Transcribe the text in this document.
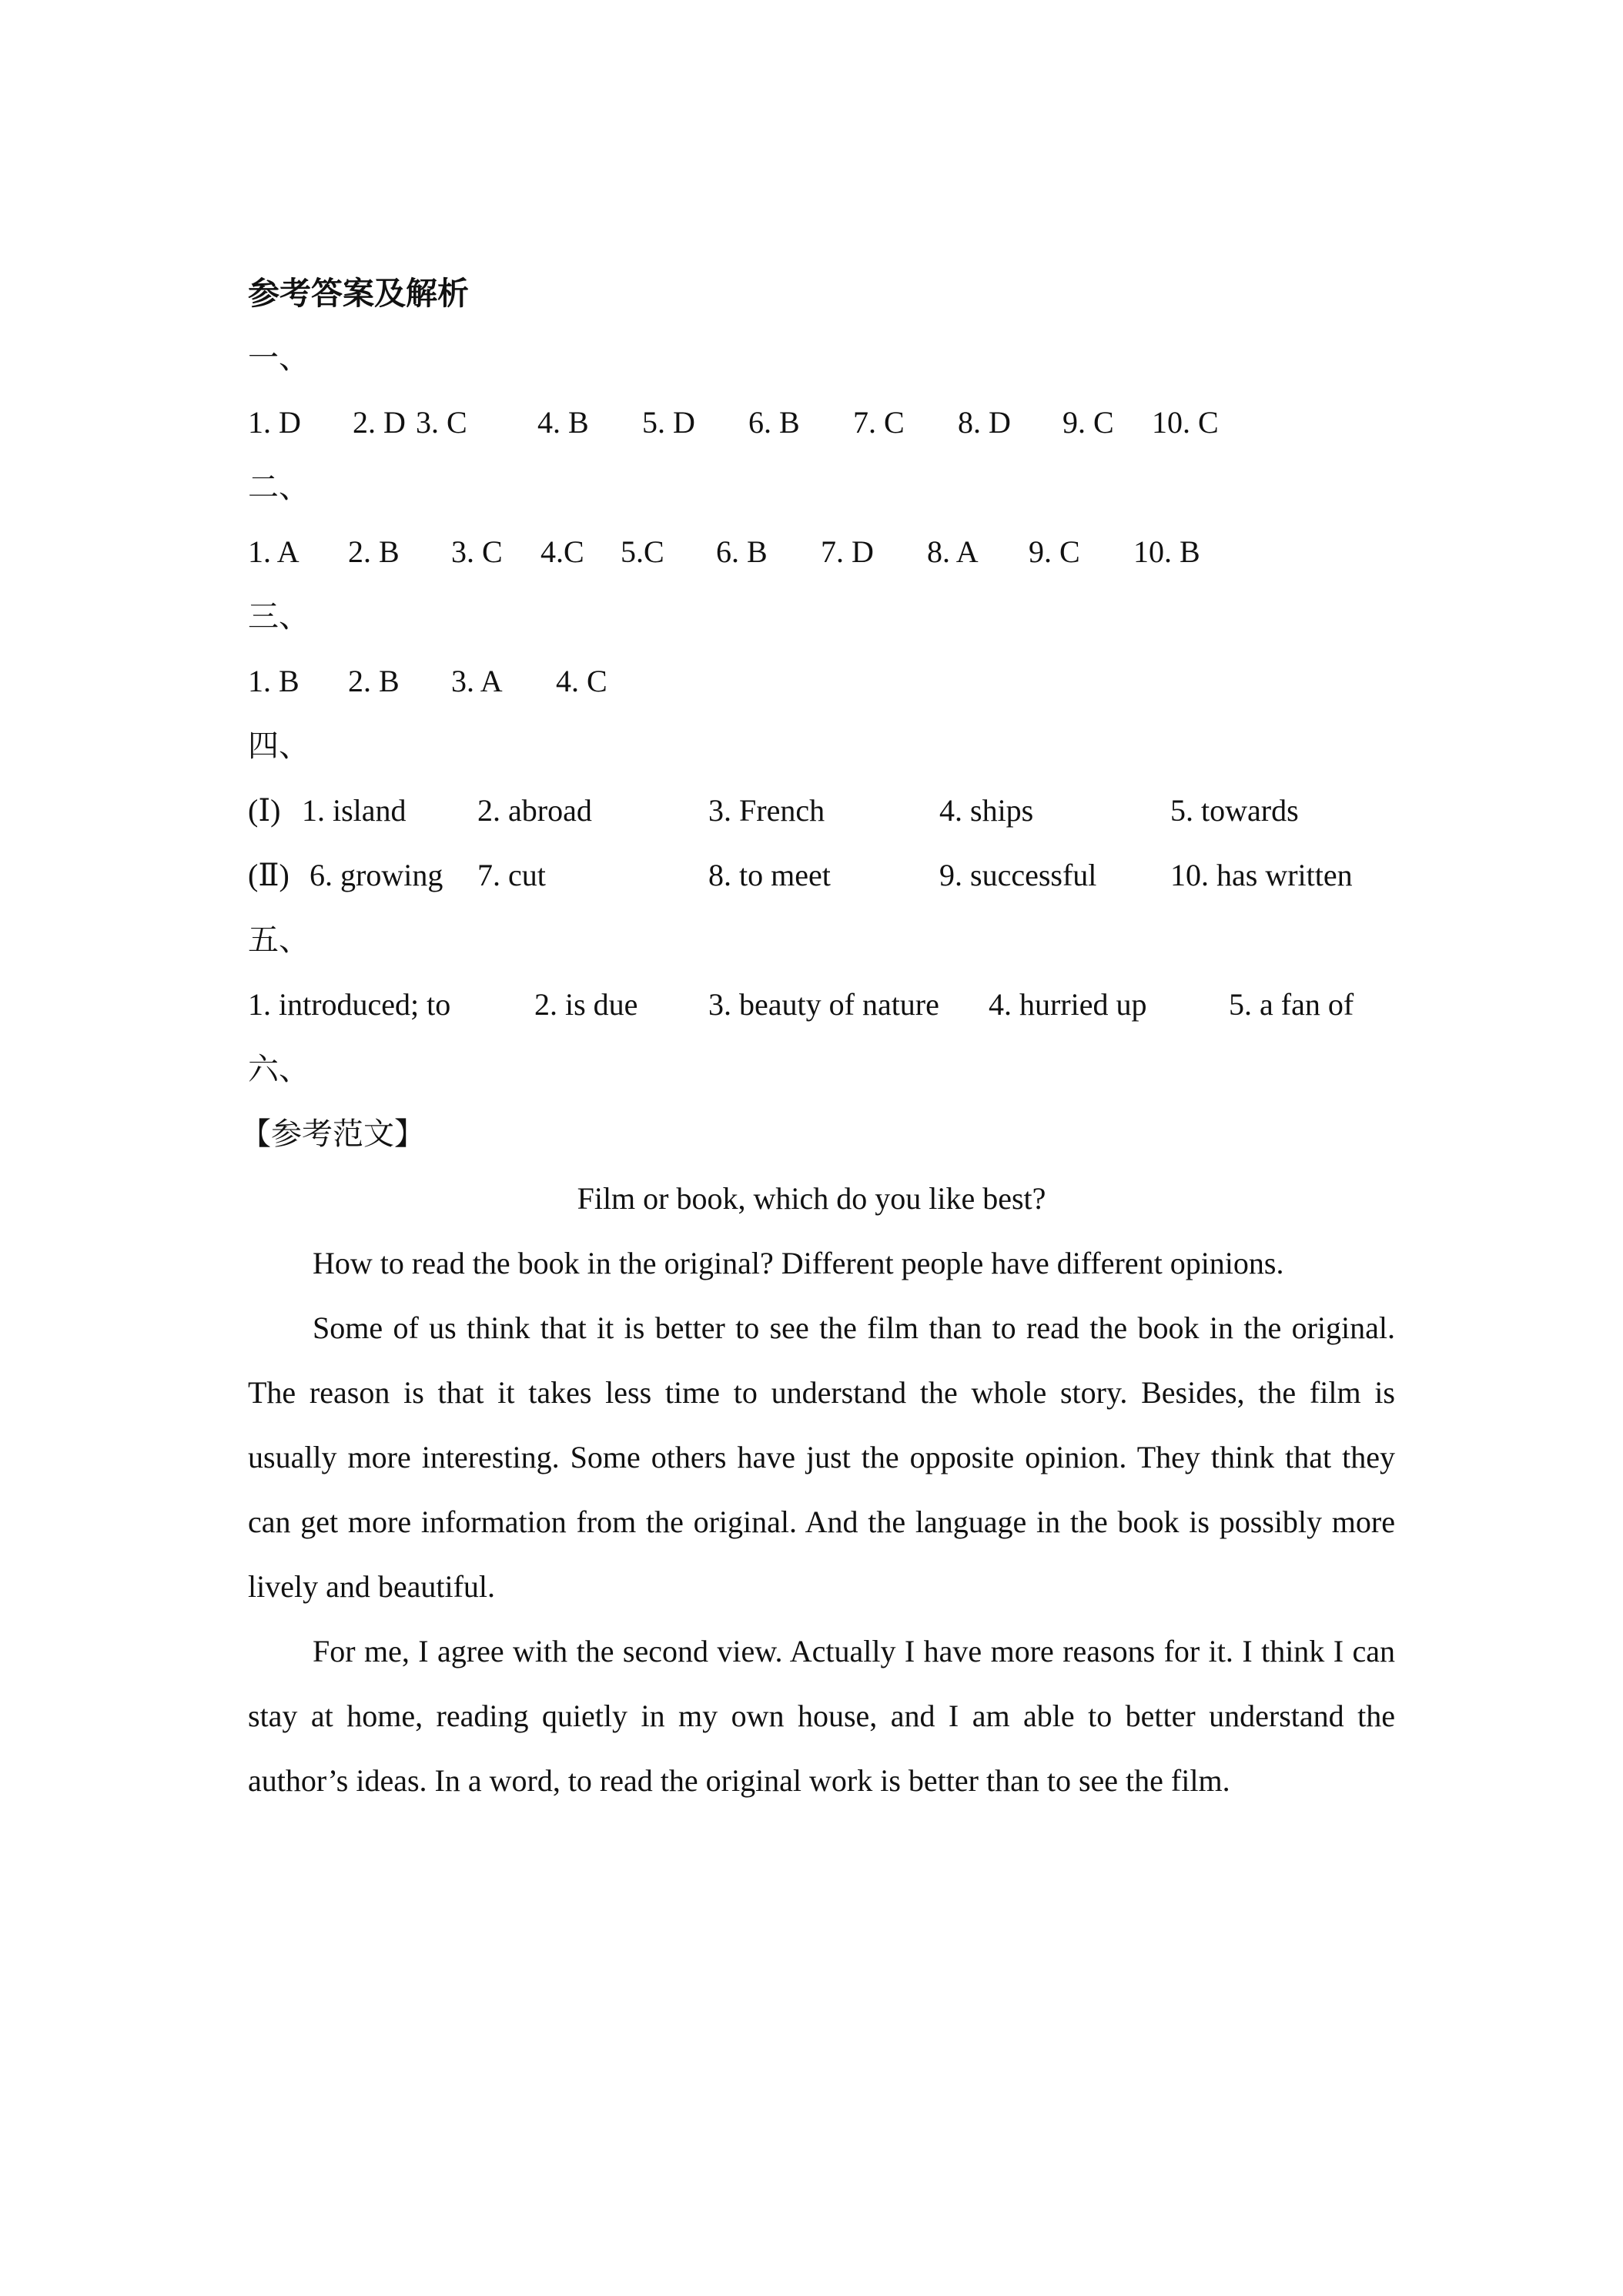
参考答案及解析
一、
1. D 2. D 3. C 4. B 5. D 6. B 7. C 8. D 9. C 10. C
二、
1. A 2. B 3. C 4.C 5.C 6. B 7. D 8. A 9. C 10. B
三、
1. B 2. B 3. A 4. C
四、
(Ⅰ) 1. island 2. abroad	3. French	4. ships	5. towards
(Ⅱ) 6. growing 7. cut	8. to meet	9. successful 10. has written
五、
1. introduced; to	2. is due 3. beauty of nature 4. hurried up	5. a fan of
六、
【参考范文】
Film or book, which do you like best?
How to read the book in the original? Different people have different opinions.
Some of us think that it is better to see the film than to read the book in the original. The reason is that it takes less time to understand the whole story. Besides, the film is usually more interesting. Some others have just the opposite opinion. They think that they can get more information from the original. And the language in the book is possibly more lively and beautiful.
For me, I agree with the second view. Actually I have more reasons for it. I think I can stay at home, reading quietly in my own house, and I am able to better understand the author’s ideas. In a word, to read the original work is better than to see the film.
